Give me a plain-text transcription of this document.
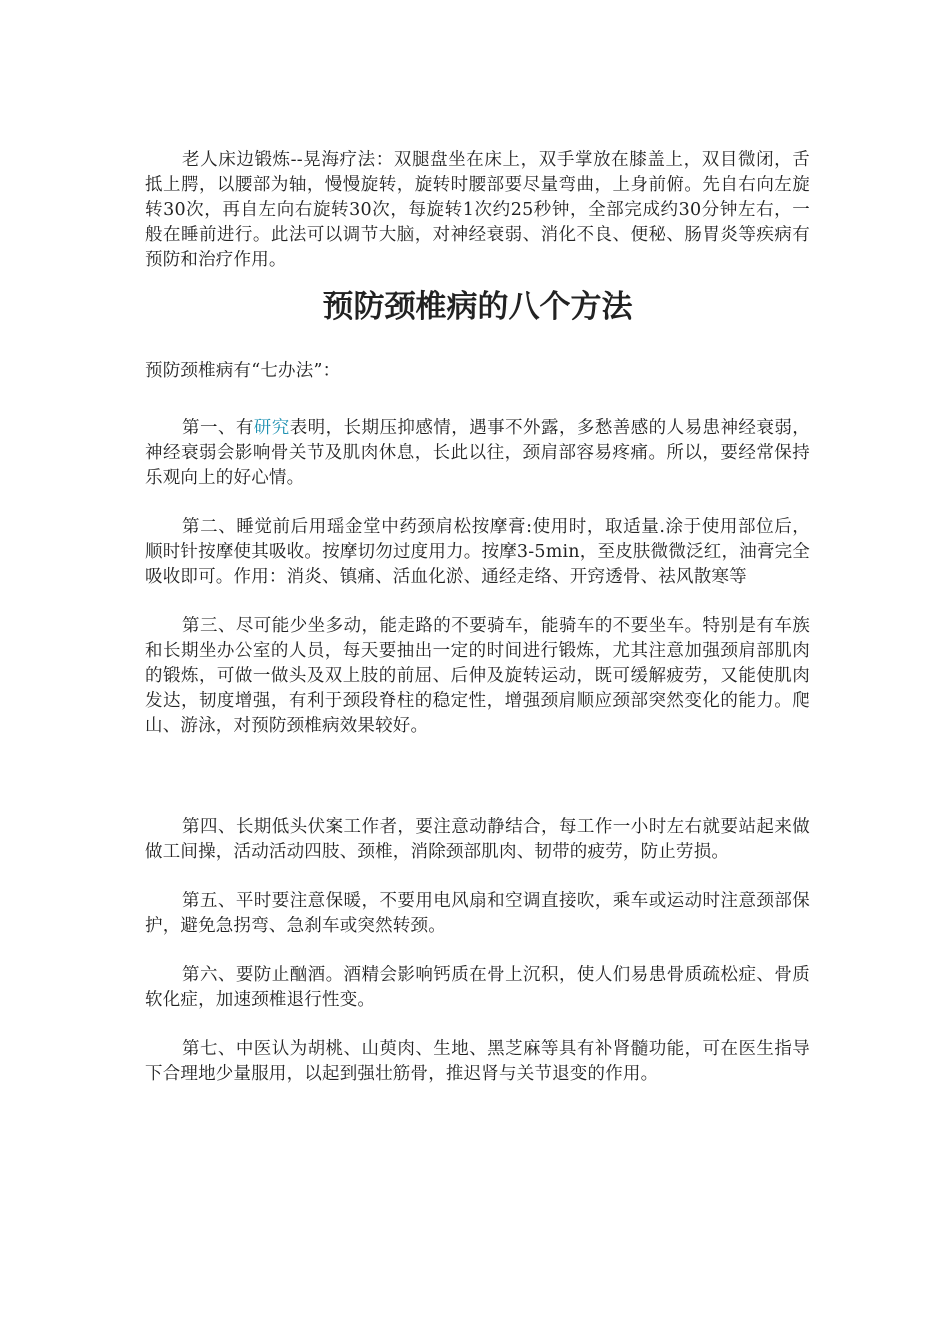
老人床边锻炼--晃海疗法：双腿盘坐在床上，双手掌放在膝盖上，双目微闭，舌抵上腭，以腰部为轴，慢慢旋转，旋转时腰部要尽量弯曲，上身前俯。先自右向左旋转30次，再自左向右旋转30次，每旋转1次约25秒钟，全部完成约30分钟左右，一般在睡前进行。此法可以调节大脑，对神经衰弱、消化不良、便秘、肠胃炎等疾病有预防和治疗作用。

预防颈椎病的八个方法

预防颈椎病有“七办法”：

第一、有研究表明，长期压抑感情，遇事不外露，多愁善感的人易患神经衰弱，神经衰弱会影响骨关节及肌肉休息，长此以往，颈肩部容易疼痛。所以，要经常保持乐观向上的好心情。

第二、睡觉前后用瑶金堂中药颈肩松按摩膏:使用时，取适量.涂于使用部位后，顺时针按摩使其吸收。按摩切勿过度用力。按摩3-5min，至皮肤微微泛红，油膏完全吸收即可。作用：消炎、镇痛、活血化淤、通经走络、开窍透骨、祛风散寒等

第三、尽可能少坐多动，能走路的不要骑车，能骑车的不要坐车。特别是有车族和长期坐办公室的人员，每天要抽出一定的时间进行锻炼，尤其注意加强颈肩部肌肉的锻炼，可做一做头及双上肢的前屈、后伸及旋转运动，既可缓解疲劳，又能使肌肉发达，韧度增强，有利于颈段脊柱的稳定性，增强颈肩顺应颈部突然变化的能力。爬山、游泳，对预防颈椎病效果较好。

第四、长期低头伏案工作者，要注意动静结合，每工作一小时左右就要站起来做做工间操，活动活动四肢、颈椎，消除颈部肌肉、韧带的疲劳，防止劳损。

第五、平时要注意保暖，不要用电风扇和空调直接吹，乘车或运动时注意颈部保护，避免急拐弯、急刹车或突然转颈。

第六、要防止酗酒。酒精会影响钙质在骨上沉积，使人们易患骨质疏松症、骨质软化症，加速颈椎退行性变。

第七、中医认为胡桃、山萸肉、生地、黑芝麻等具有补肾髓功能，可在医生指导下合理地少量服用，以起到强壮筋骨，推迟肾与关节退变的作用。
